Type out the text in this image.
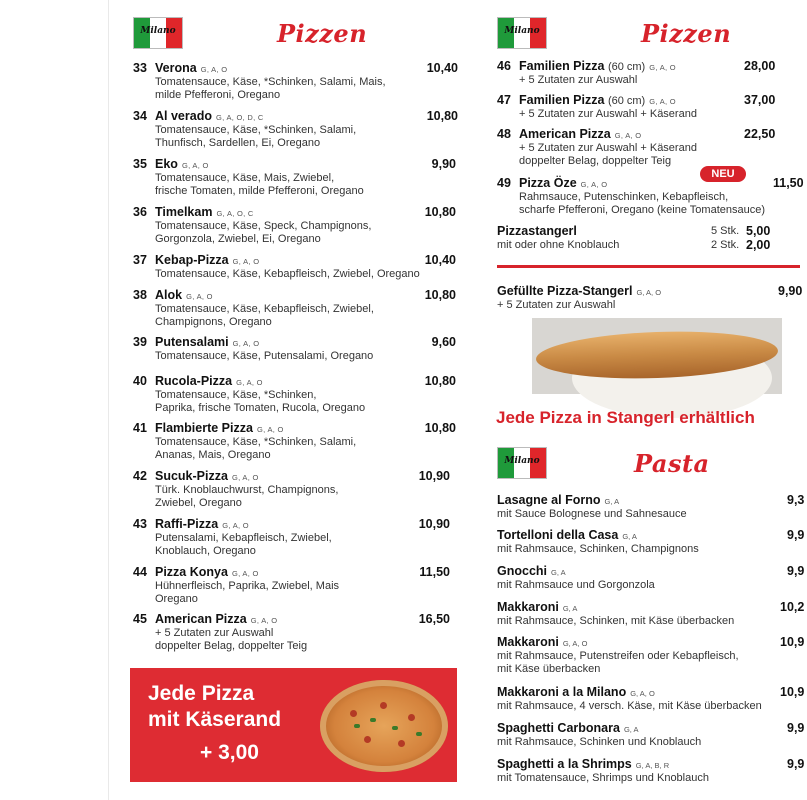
Milano	Pizzen
33 Verona G, A, O
Tomatensauce, Käse, *Schinken, Salami, Mais,
milde Pfefferoni, Oregano
10,40
34 Al verado G, A, O, D, C
Tomatensauce, Käse, *Schinken, Salami,
Thunfisch, Sardellen, Ei, Oregano
10,80
35 Eko G, A, O
Tomatensauce, Käse, Mais, Zwiebel,
frische Tomaten, milde Pfefferoni, Oregano
9,90
36 Timelkam G, A, O, C
Tomatensauce, Käse, Speck, Champignons,
Gorgonzola, Zwiebel, Ei, Oregano
10,80
37 Kebap-Pizza G, A, O
Tomatensauce, Käse, Kebapfleisch, Zwiebel, Oregano
10,40
38 Alok G, A, O
Tomatensauce, Käse, Kebapfleisch, Zwiebel,
Champignons, Oregano
10,80
39 Putensalami G, A, O
Tomatensauce, Käse, Putensalami, Oregano
9,60
40 Rucola-Pizza G, A, O
Tomatensauce, Käse, *Schinken,
Paprika, frische Tomaten, Rucola, Oregano
10,80
41 Flambierte Pizza G, A, O
Tomatensauce, Käse, *Schinken, Salami,
Ananas, Mais, Oregano
10,80
42 Sucuk-Pizza G, A, O
Türk. Knoblauchwurst, Champignons,
Zwiebel, Oregano
10,90
43 Raffi-Pizza G, A, O
Putensalami, Kebapfleisch, Zwiebel,
Knoblauch, Oregano
10,90
44 Pizza Konya G, A, O
Hühnerfleisch, Paprika, Zwiebel, Mais
Oregano
11,50
45 American Pizza G, A, O
+ 5 Zutaten zur Auswahl
doppelter Belag, doppelter Teig
16,50
Jede Pizza
mit Käserand
+ 3,00
Milano	Pizzen
46 Familien Pizza (60 cm) G, A, O
+ 5 Zutaten zur Auswahl
28,00
47 Familien Pizza (60 cm) G, A, O
+ 5 Zutaten zur Auswahl + Käserand
37,00
48 American Pizza G, A, O
+ 5 Zutaten zur Auswahl + Käserand
doppelter Belag, doppelter Teig
22,50
NEU
49 Pizza Öze G, A, O
Rahmsauce, Putenschinken, Kebapfleisch,
scharfe Pfefferoni, Oregano (keine Tomatensauce)
11,50
Pizzastangerl
mit oder ohne Knoblauch
5 Stk. 5,00
2 Stk. 2,00
Gefüllte Pizza-Stangerl G, A, O
+ 5 Zutaten zur Auswahl
9,90
Jede Pizza in Stangerl erhältlich
Milano	Pasta
Lasagne al Forno G, A
mit Sauce Bolognese und Sahnesauce
9,3
Tortelloni della Casa G, A
mit Rahmsauce, Schinken, Champignons
9,9
Gnocchi G, A
mit Rahmsauce und Gorgonzola
9,9
Makkaroni G, A
mit Rahmsauce, Schinken, mit Käse überbacken
10,2
Makkaroni G, A, O
mit Rahmsauce, Putenstreifen oder Kebapfleisch,
mit Käse überbacken
10,9
Makkaroni a la Milano G, A, O
mit Rahmsauce, 4 versch. Käse, mit Käse überbacken
10,9
Spaghetti Carbonara G, A
mit Rahmsauce, Schinken und Knoblauch
9,9
Spaghetti a la Shrimps G, A, B, R
mit Tomatensauce, Shrimps und Knoblauch
9,9
